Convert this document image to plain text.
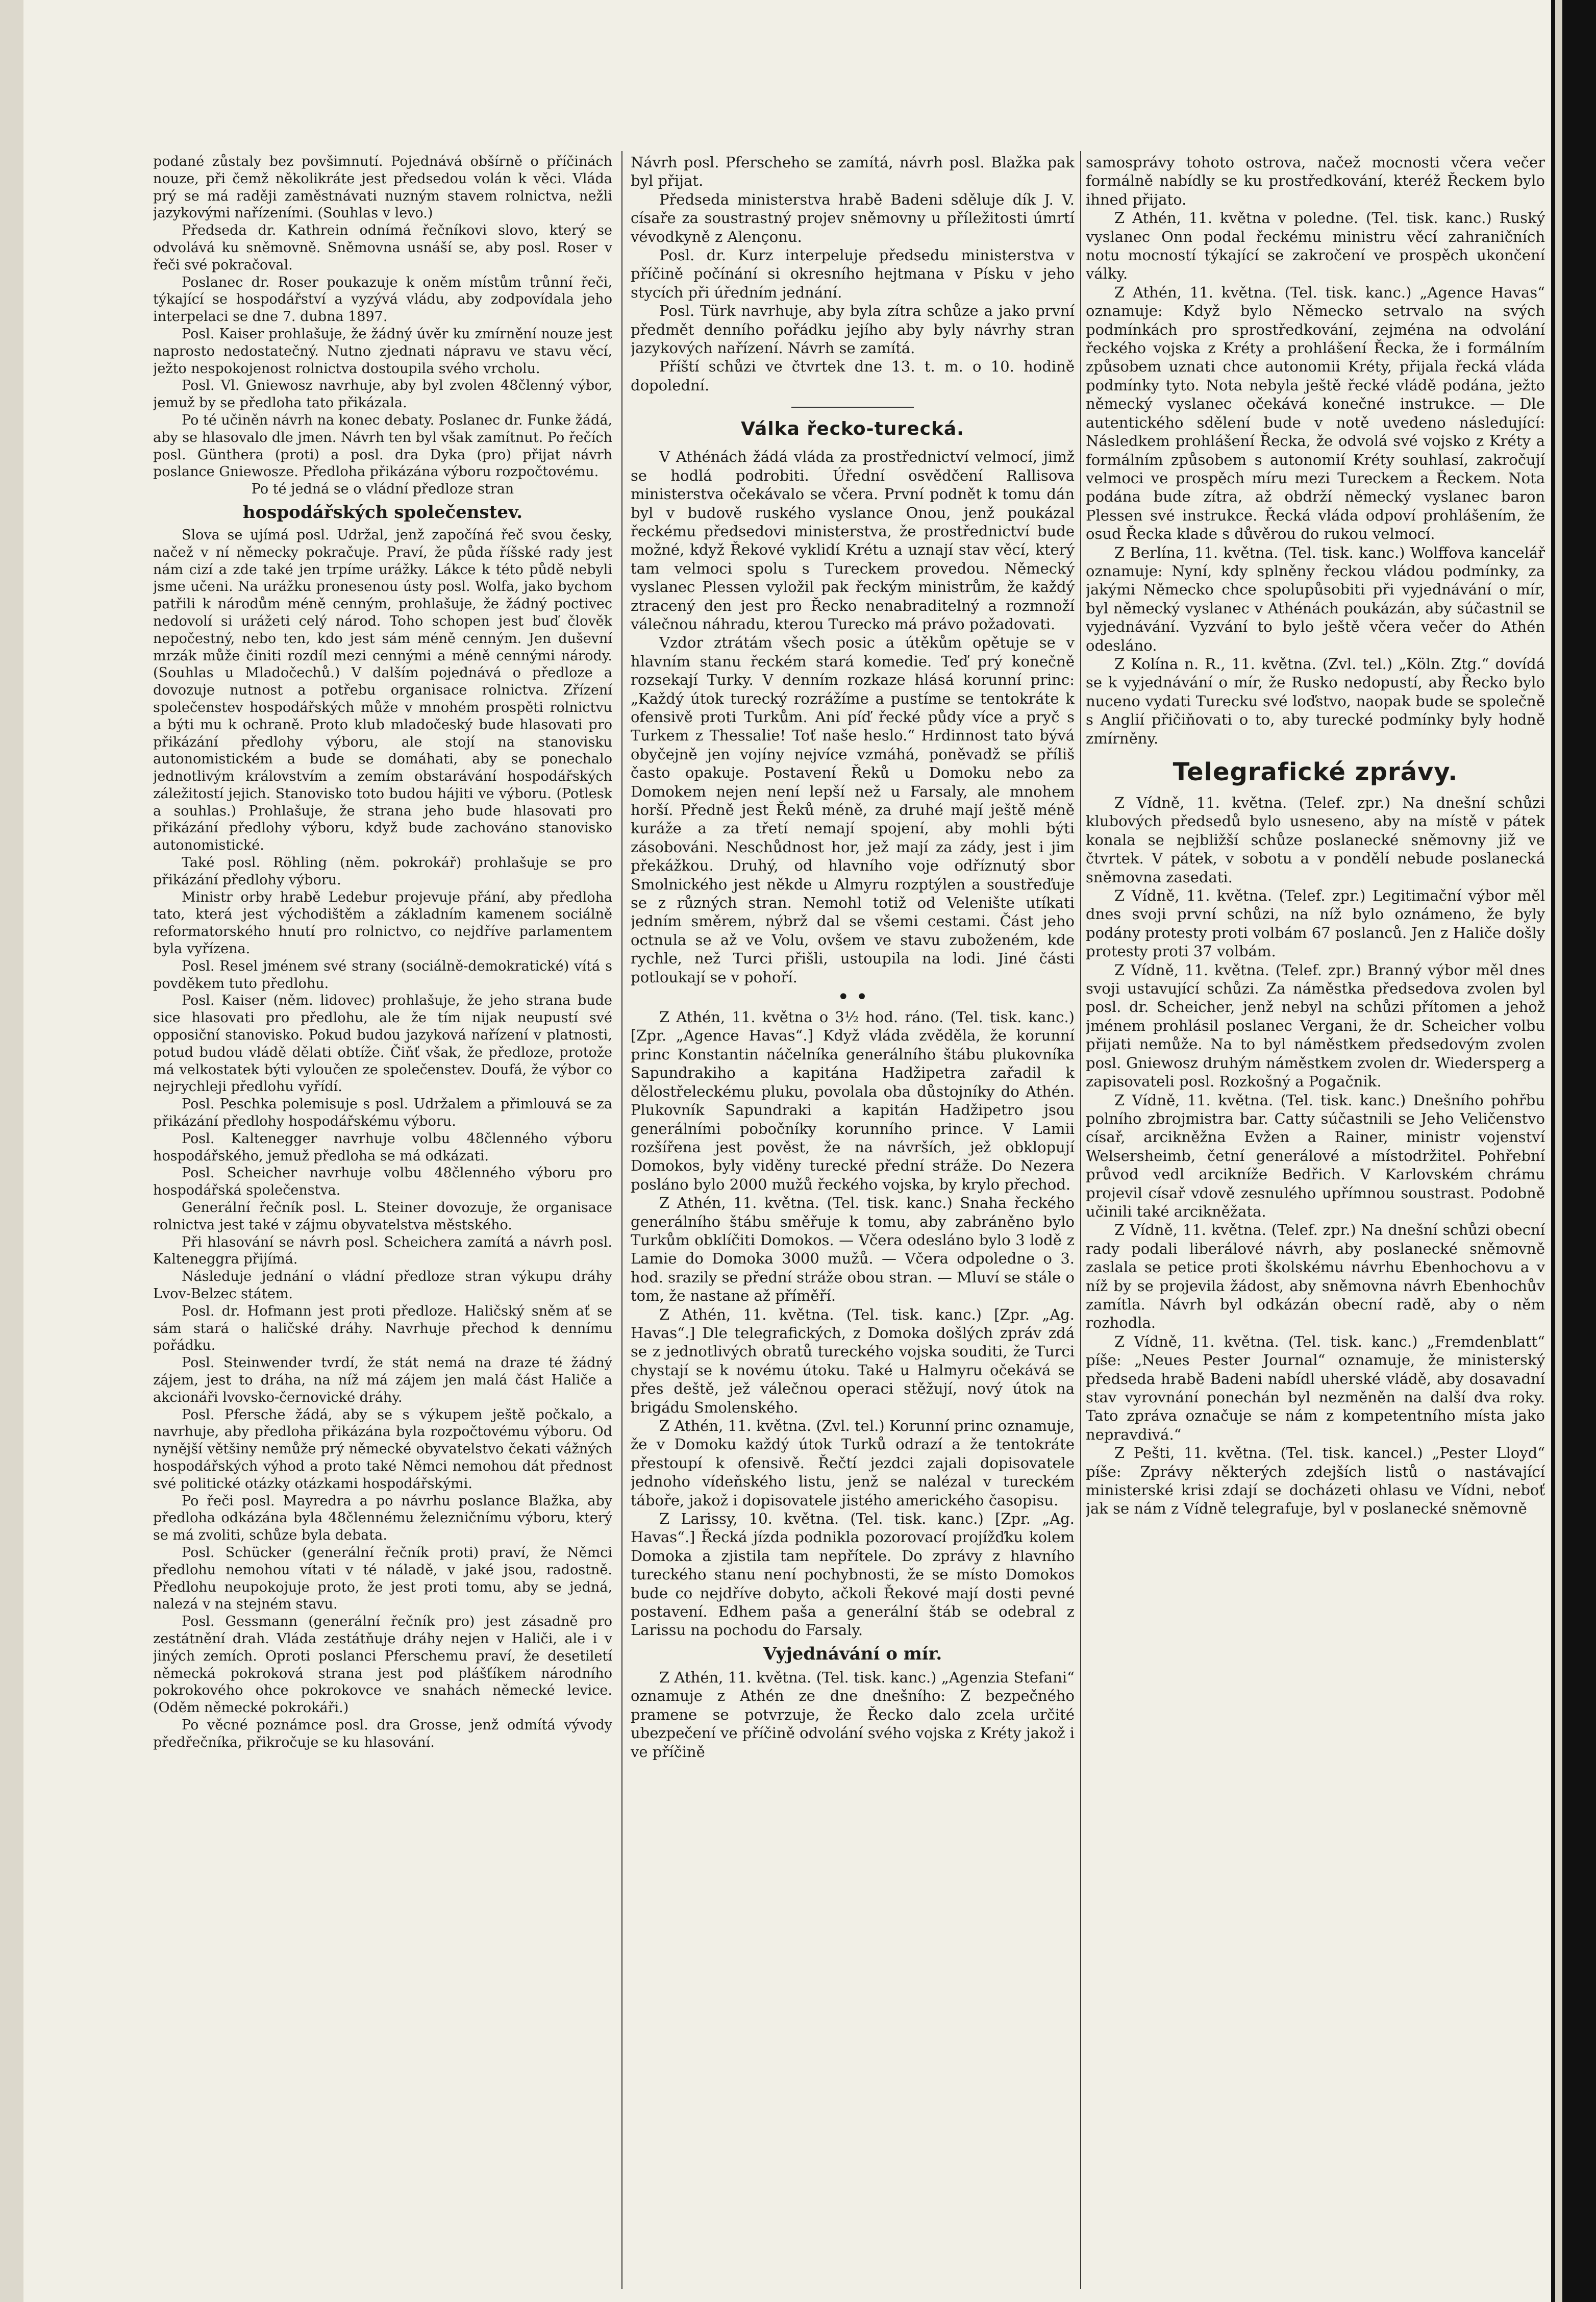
podané zůstaly bez povšimnutí. Pojednává obšírně o příčinách nouze, při čemž několikráte jest předsedou volán k věci. Vláda prý se má raději zaměstnávati nuzným stavem rolnictva, nežli jazykovými nařízeními. (Souhlas v levo.)

Předseda dr. Kathrein odnímá řečníkovi slovo, který se odvolává ku sněmovně. Sněmovna usnáší se, aby posl. Roser v řeči své pokračoval.

Poslanec dr. Roser poukazuje k oněm místům trůnní řeči, týkající se hospodářství a vyzývá vládu, aby zodpovídala jeho interpelaci se dne 7. dubna 1897.

Posl. Kaiser prohlašuje, že žádný úvěr ku zmírnění nouze jest naprosto nedostatečný. Nutno zjednati nápravu ve stavu věcí, ježto nespokojenost rolnictva dostoupila svého vrcholu.

Posl. Vl. Gniewosz navrhuje, aby byl zvolen 48členný výbor, jemuž by se předloha tato přikázala.

Po té učiněn návrh na konec debaty. Poslanec dr. Funke žádá, aby se hlasovalo dle jmen. Návrh ten byl však zamítnut. Po řečích posl. Günthera (proti) a posl. dra Dyka (pro) přijat návrh poslance Gniewosze. Předloha přikázána výboru rozpočtovému.

Po té jedná se o vládní předloze stran

hospodářských společenstev.

Slova se ujímá posl. Udržal, jenž započíná řeč svou česky, načež v ní německy pokračuje. Praví, že půda říšské rady jest nám cizí a zde také jen trpíme urážky. Lákce k této půdě nebyli jsme učeni. Na urážku pronesenou ústy posl. Wolfa, jako bychom patřili k národům méně cenným, prohlašuje, že žádný poctivec nedovolí si urážeti celý národ. Toho schopen jest buď člověk nepočestný, nebo ten, kdo jest sám méně cenným. Jen duševní mrzák může činiti rozdíl mezi cennými a méně cennými národy. (Souhlas u Mladočechů.) V dalším pojednává o předloze a dovozuje nutnost a potřebu organisace rolnictva. Zřízení společenstev hospodářských může v mnohém prospěti rolnictvu a býti mu k ochraně. Proto klub mladočeský bude hlasovati pro přikázání předlohy výboru, ale stojí na stanovisku autonomistickém a bude se domáhati, aby se ponechalo jednotlivým královstvím a zemím obstarávání hospodářských záležitostí jejich. Stanovisko toto budou hájiti ve výboru. (Potlesk a souhlas.) Prohlašuje, že strana jeho bude hlasovati pro přikázání předlohy výboru, když bude zachováno stanovisko autonomistické.

Také posl. Röhling (něm. pokrokář) prohlašuje se pro přikázání předlohy výboru.

Ministr orby hrabě Ledebur projevuje přání, aby předloha tato, která jest východištěm a základním kamenem sociálně reformatorského hnutí pro rolnictvo, co nejdříve parlamentem byla vyřízena.

Posl. Resel jménem své strany (sociálně-demokratické) vítá s povděkem tuto předlohu.

Posl. Kaiser (něm. lidovec) prohlašuje, že jeho strana bude sice hlasovati pro předlohu, ale že tím nijak neupustí své opposiční stanovisko. Pokud budou jazyková nařízení v platnosti, potud budou vládě dělati obtíže. Čiňť však, že předloze, protože má velkostatek býti vyloučen ze společenstev. Doufá, že výbor co nejrychleji předlohu vyřídí.

Posl. Peschka polemisuje s posl. Udržalem a přimlouvá se za přikázání předlohy hospodářskému výboru.

Posl. Kaltenegger navrhuje volbu 48členného výboru hospodářského, jemuž předloha se má odkázati.

Posl. Scheicher navrhuje volbu 48členného výboru pro hospodářská společenstva.

Generální řečník posl. L. Steiner dovozuje, že organisace rolnictva jest také v zájmu obyvatelstva městského.

Při hlasování se návrh posl. Scheichera zamítá a návrh posl. Kalteneggra přijímá.

Následuje jednání o vládní předloze stran výkupu dráhy Lvov-Belzec státem.

Posl. dr. Hofmann jest proti předloze. Haličský sněm ať se sám stará o haličské dráhy. Navrhuje přechod k dennímu pořádku.

Posl. Steinwender tvrdí, že stát nemá na draze té žádný zájem, jest to dráha, na níž má zájem jen malá část Haliče a akcionáři lvovsko-černovické dráhy.

Posl. Pfersche žádá, aby se s výkupem ještě počkalo, a navrhuje, aby předloha přikázána byla rozpočtovému výboru. Od nynější většiny nemůže prý německé obyvatelstvo čekati vážných hospodářských výhod a proto také Němci nemohou dát přednost své politické otázky otázkami hospodářskými.

Po řeči posl. Mayredra a po návrhu poslance Blažka, aby předloha odkázána byla 48člennému železničnímu výboru, který se má zvoliti, schůze byla debata.

Posl. Schücker (generální řečník proti) praví, že Němci předlohu nemohou vítati v té náladě, v jaké jsou, radostně. Předlohu neupokojuje proto, že jest proti tomu, aby se jedná, nalezá v na stejném stavu.

Posl. Gessmann (generální řečník pro) jest zásadně pro zestátnění drah. Vláda zestátňuje dráhy nejen v Haliči, ale i v jiných zemích. Oproti poslanci Pferschemu praví, že desetiletí německá pokroková strana jest pod plášťíkem národního pokrokového ohce pokrokovce ve snahách německé levice. (Oděm německé pokrokáři.)

Po věcné poznámce posl. dra Grosse, jenž odmítá vývody předřečníka, přikročuje se ku hlasování.

Návrh posl. Pferscheho se zamítá, návrh posl. Blažka pak byl přijat.

Předseda ministerstva hrabě Badeni sděluje dík J. V. císaře za soustrastný projev sněmovny u příležitosti úmrtí vévodkyně z Alençonu.

Posl. dr. Kurz interpeluje předsedu ministerstva v příčině počínání si okresního hejtmana v Písku v jeho stycích při úředním jednání.

Posl. Türk navrhuje, aby byla zítra schůze a jako první předmět denního pořádku jejího aby byly návrhy stran jazykových nařízení. Návrh se zamítá.

Příští schůzi ve čtvrtek dne 13. t. m. o 10. hodině dopolední.

Válka řecko-turecká.

V Athénách žádá vláda za prostřednictví velmocí, jimž se hodlá podrobiti. Úřední osvědčení Rallisova ministerstva očekávalo se včera. První podnět k tomu dán byl v budově ruského vyslance Onou, jenž poukázal řeckému předsedovi ministerstva, že prostřednictví bude možné, když Řekové vyklidí Krétu a uznají stav věcí, který tam velmoci spolu s Tureckem provedou. Německý vyslanec Plessen vyložil pak řeckým ministrům, že každý ztracený den jest pro Řecko nenabraditelný a rozmnoží válečnou náhradu, kterou Turecko má právo požadovati.

Vzdor ztrátám všech posic a útěkům opětuje se v hlavním stanu řeckém stará komedie. Teď prý konečně rozsekají Turky. V denním rozkaze hlásá korunní princ: „Každý útok turecký rozrážíme a pustíme se tentokráte k ofensivě proti Turkům. Ani píď řecké půdy více a pryč s Turkem z Thessalie! Toť naše heslo.“ Hrdinnost tato bývá obyčejně jen vojíny nejvíce vzmáhá, poněvadž se příliš často opakuje. Postavení Řeků u Domoku nebo za Domokem nejen není lepší než u Farsaly, ale mnohem horší. Předně jest Řeků méně, za druhé mají ještě méně kuráže a za třetí nemají spojení, aby mohli býti zásobováni. Neschůdnost hor, jež mají za zády, jest i jim překážkou. Druhý, od hlavního voje odříznutý sbor Smolnického jest někde u Almyru rozptýlen a soustřeďuje se z různých stran. Nemohl totiž od Velenište utíkati jedním směrem, nýbrž dal se všemi cestami. Část jeho octnula se až ve Volu, ovšem ve stavu zuboženém, kde rychle, než Turci přišli, ustoupila na lodi. Jiné části potloukají se v pohoří.

• •

Z Athén, 11. května o 3½ hod. ráno. (Tel. tisk. kanc.) [Zpr. „Agence Havas“.] Když vláda zvěděla, že korunní princ Konstantin náčelníka generálního štábu plukovníka Sapundrakiho a kapitána Hadžipetra zařadil k dělostřeleckému pluku, povolala oba důstojníky do Athén. Plukovník Sapundraki a kapitán Hadžipetro jsou generálními pobočníky korunního prince. V Lamii rozšířena jest pověst, že na návrších, jež obklopují Domokos, byly viděny turecké přední stráže. Do Nezera posláno bylo 2000 mužů řeckého vojska, by krylo přechod.

Z Athén, 11. května. (Tel. tisk. kanc.) Snaha řeckého generálního štábu směřuje k tomu, aby zabráněno bylo Turkům obklíčiti Domokos. — Včera odesláno bylo 3 lodě z Lamie do Domoka 3000 mužů. — Včera odpoledne o 3. hod. srazily se přední stráže obou stran. — Mluví se stále o tom, že nastane až příměří.

Z Athén, 11. května. (Tel. tisk. kanc.) [Zpr. „Ag. Havas“.] Dle telegrafických, z Domoka došlých zpráv zdá se z jednotlivých obratů tureckého vojska souditi, že Turci chystají se k novému útoku. Také u Halmyru očekává se přes deště, jež válečnou operaci stěžují, nový útok na brigádu Smolenského.

Z Athén, 11. května. (Zvl. tel.) Korunní princ oznamuje, že v Domoku každý útok Turků odrazí a že tentokráte přestoupí k ofensivě. Řečtí jezdci zajali dopisovatele jednoho vídeňského listu, jenž se nalézal v tureckém táboře, jakož i dopisovatele jistého amerického časopisu.

Z Larissy, 10. května. (Tel. tisk. kanc.) [Zpr. „Ag. Havas“.] Řecká jízda podnikla pozorovací projížďku kolem Domoka a zjistila tam nepřítele. Do zprávy z hlavního tureckého stanu není pochybnosti, že se místo Domokos bude co nejdříve dobyto, ačkoli Řekové mají dosti pevné postavení. Edhem paša a generální štáb se odebral z Larissu na pochodu do Farsaly.

Vyjednávání o mír.

Z Athén, 11. května. (Tel. tisk. kanc.) „Agenzia Stefani“ oznamuje z Athén ze dne dnešního: Z bezpečného pramene se potvrzuje, že Řecko dalo zcela určité ubezpečení ve příčině odvolání svého vojska z Kréty jakož i ve příčině

samosprávy tohoto ostrova, načež mocnosti včera večer formálně nabídly se ku prostředkování, kteréž Řeckem bylo ihned přijato.

Z Athén, 11. května v poledne. (Tel. tisk. kanc.) Ruský vyslanec Onn podal řeckému ministru věcí zahraničních notu mocností týkající se zakročení ve prospěch ukončení války.

Z Athén, 11. května. (Tel. tisk. kanc.) „Agence Havas“ oznamuje: Když bylo Německo setrvalo na svých podmínkách pro sprostředkování, zejména na odvolání řeckého vojska z Kréty a prohlášení Řecka, že i formálním způsobem uznati chce autonomii Kréty, přijala řecká vláda podmínky tyto. Nota nebyla ještě řecké vládě podána, ježto německý vyslanec očekává konečné instrukce. — Dle autentického sdělení bude v notě uvedeno následující: Následkem prohlášení Řecka, že odvolá své vojsko z Kréty a formálním způsobem s autonomií Kréty souhlasí, zakročují velmoci ve prospěch míru mezi Tureckem a Řeckem. Nota podána bude zítra, až obdrží německý vyslanec baron Plessen své instrukce. Řecká vláda odpoví prohlášením, že osud Řecka klade s důvěrou do rukou velmocí.

Z Berlína, 11. května. (Tel. tisk. kanc.) Wolffova kancelář oznamuje: Nyní, kdy splněny řeckou vládou podmínky, za jakými Německo chce spolupůsobiti při vyjednávání o mír, byl německý vyslanec v Athénách poukázán, aby súčastnil se vyjednávání. Vyzvání to bylo ještě včera večer do Athén odesláno.

Z Kolína n. R., 11. května. (Zvl. tel.) „Köln. Ztg.“ dovídá se k vyjednávání o mír, že Rusko nedopustí, aby Řecko bylo nuceno vydati Turecku své loďstvo, naopak bude se společně s Anglií přičiňovati o to, aby turecké podmínky byly hodně zmírněny.

Telegrafické zprávy.

Z Vídně, 11. května. (Telef. zpr.) Na dnešní schůzi klubových předsedů bylo usneseno, aby na místě v pátek konala se nejbližší schůze poslanecké sněmovny již ve čtvrtek. V pátek, v sobotu a v pondělí nebude poslanecká sněmovna zasedati.

Z Vídně, 11. května. (Telef. zpr.) Legitimační výbor měl dnes svoji první schůzi, na níž bylo oznámeno, že byly podány protesty proti volbám 67 poslanců. Jen z Haliče došly protesty proti 37 volbám.

Z Vídně, 11. května. (Telef. zpr.) Branný výbor měl dnes svoji ustavující schůzi. Za náměstka předsedova zvolen byl posl. dr. Scheicher, jenž nebyl na schůzi přítomen a jehož jménem prohlásil poslanec Vergani, že dr. Scheicher volbu přijati nemůže. Na to byl náměstkem předsedovým zvolen posl. Gniewosz druhým náměstkem zvolen dr. Wiedersperg a zapisovateli posl. Rozkošný a Pogačnik.

Z Vídně, 11. května. (Tel. tisk. kanc.) Dnešního pohřbu polního zbrojmistra bar. Catty súčastnili se Jeho Veličenstvo císař, arcikněžna Evžen a Rainer, ministr vojenství Welsersheimb, četní generálové a místodržitel. Pohřební průvod vedl arcikníže Bedřich. V Karlovském chrámu projevil císař vdově zesnulého upřímnou soustrast. Podobně učinili také arcikněžata.

Z Vídně, 11. května. (Telef. zpr.) Na dnešní schůzi obecní rady podali liberálové návrh, aby poslanecké sněmovně zaslala se petice proti školskému návrhu Ebenhochovu a v níž by se projevila žádost, aby sněmovna návrh Ebenhochův zamítla. Návrh byl odkázán obecní radě, aby o něm rozhodla.

Z Vídně, 11. května. (Tel. tisk. kanc.) „Fremdenblatt“ píše: „Neues Pester Journal“ oznamuje, že ministerský předseda hrabě Badeni nabídl uherské vládě, aby dosavadní stav vyrovnání ponechán byl nezměněn na další dva roky. Tato zpráva označuje se nám z kompetentního místa jako nepravdivá.“

Z Pešti, 11. května. (Tel. tisk. kancel.) „Pester Lloyd“ píše: Zprávy některých zdejších listů o nastávající ministerské krisi zdají se docházeti ohlasu ve Vídni, neboť jak se nám z Vídně telegrafuje, byl v poslanecké sněmovně
